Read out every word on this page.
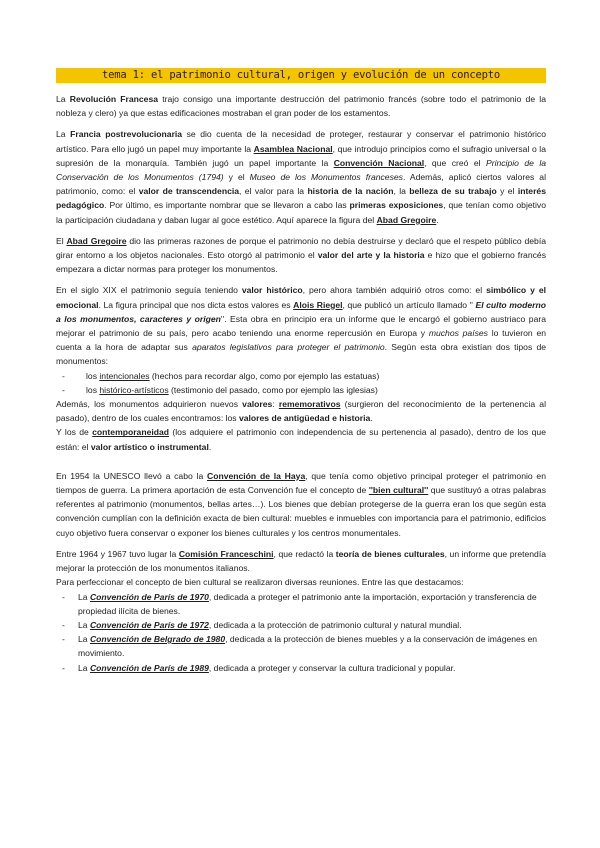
tema 1: el patrimonio cultural, origen y evolución de un concepto

La Revolución Francesa trajo consigo una importante destrucción del patrimonio francés (sobre todo el patrimonio de la nobleza y clero) ya que estas edificaciones mostraban el gran poder de los estamentos.

La Francia postrevolucionaria se dio cuenta de la necesidad de proteger, restaurar y conservar el patrimonio histórico artístico. Para ello jugó un papel muy importante la Asamblea Nacional, que introdujo principios como el sufragio universal o la supresión de la monarquía. También jugó un papel importante la Convención Nacional, que creó el Principio de la Conservación de los Monumentos (1794) y el Museo de los Monumentos franceses. Además, aplicó ciertos valores al patrimonio, como: el valor de transcendencia, el valor para la historia de la nación, la belleza de su trabajo y el interés pedagógico. Por último, es importante nombrar que se llevaron a cabo las primeras exposiciones, que tenían como objetivo la participación ciudadana y daban lugar al goce estético. Aquí aparece la figura del Abad Gregoire.

El Abad Gregoire dio las primeras razones de porque el patrimonio no debía destruirse y declaró que el respeto público debía girar entorno a los objetos nacionales. Esto otorgó al patrimonio el valor del arte y la historia e hizo que el gobierno francés empezara a dictar normas para proteger los monumentos.

En el siglo XIX el patrimonio seguía teniendo valor histórico, pero ahora también adquirió otros como: el simbólico y el emocional. La figura principal que nos dicta estos valores es Alois Riegel, que publicó un artículo llamado '' El culto moderno a los monumentos, caracteres y origen''. Esta obra en principio era un informe que le encargó el gobierno austriaco para mejorar el patrimonio de su país, pero acabo teniendo una enorme repercusión en Europa y muchos países lo tuvieron en cuenta a la hora de adaptar sus aparatos legislativos para proteger el patrimonio. Según esta obra existían dos tipos de monumentos:

- los intencionales (hechos para recordar algo, como por ejemplo las estatuas)
- los histórico-artísticos (testimonio del pasado, como por ejemplo las iglesias)

Además, los monumentos adquirieron nuevos valores: rememorativos (surgieron del reconocimiento de la pertenencia al pasado), dentro de los cuales encontramos: los valores de antigüedad e historia.

Y los de contemporaneidad (los adquiere el patrimonio con independencia de su pertenencia al pasado), dentro de los que están: el valor artístico o instrumental.

En 1954 la UNESCO llevó a cabo la Convención de la Haya, que tenía como objetivo principal proteger el patrimonio en tiempos de guerra. La primera aportación de esta Convención fue el concepto de ''bien cultural'' que sustituyó a otras palabras referentes al patrimonio (monumentos, bellas artes…). Los bienes que debían protegerse de la guerra eran los que según esta convención cumplían con la definición exacta de bien cultural: muebles e inmuebles con importancia para el patrimonio, edificios cuyo objetivo fuera conservar o exponer los bienes culturales y los centros monumentales.

Entre 1964 y 1967 tuvo lugar la Comisión Franceschini, que redactó la teoría de bienes culturales, un informe que pretendía mejorar la protección de los monumentos italianos.

Para perfeccionar el concepto de bien cultural se realizaron diversas reuniones. Entre las que destacamos:

- La Convención de París de 1970, dedicada a proteger el patrimonio ante la importación, exportación y transferencia de propiedad ilícita de bienes.
- La Convención de París de 1972, dedicada a la protección de patrimonio cultural y natural mundial.
- La Convención de Belgrado de 1980, dedicada a la protección de bienes muebles y a la conservación de imágenes en movimiento.
- La Convención de París de 1989, dedicada a proteger y conservar la cultura tradicional y popular.
